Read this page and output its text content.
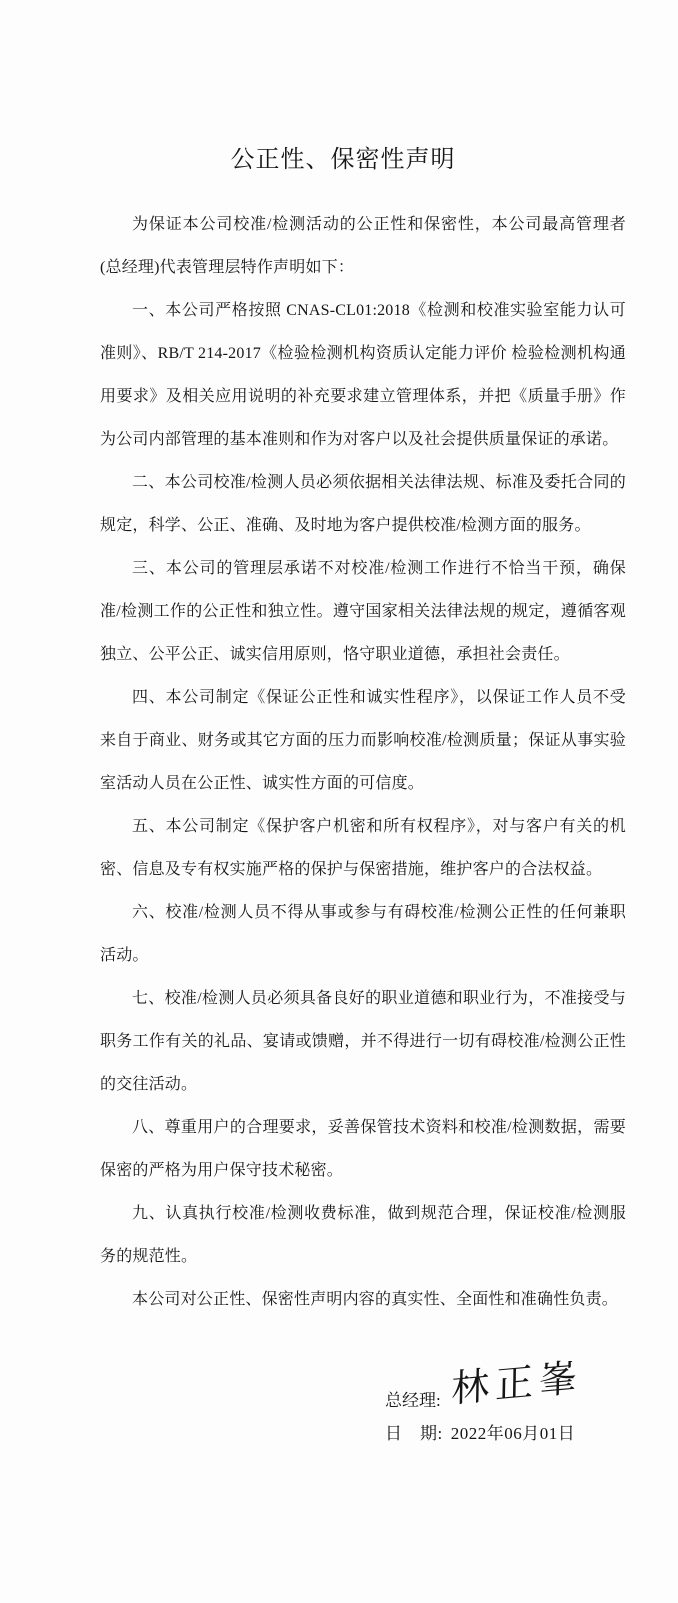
公正性、保密性声明

为保证本公司校准/检测活动的公正性和保密性，本公司最高管理者(总经理)代表管理层特作声明如下：

一、本公司严格按照 CNAS-CL01:2018《检测和校准实验室能力认可准则》、RB/T 214-2017《检验检测机构资质认定能力评价 检验检测机构通用要求》及相关应用说明的补充要求建立管理体系，并把《质量手册》作为公司内部管理的基本准则和作为对客户以及社会提供质量保证的承诺。

二、本公司校准/检测人员必须依据相关法律法规、标准及委托合同的规定，科学、公正、准确、及时地为客户提供校准/检测方面的服务。

三、本公司的管理层承诺不对校准/检测工作进行不恰当干预，确保准/检测工作的公正性和独立性。遵守国家相关法律法规的规定，遵循客观独立、公平公正、诚实信用原则，恪守职业道德，承担社会责任。

四、本公司制定《保证公正性和诚实性程序》，以保证工作人员不受来自于商业、财务或其它方面的压力而影响校准/检测质量；保证从事实验室活动人员在公正性、诚实性方面的可信度。

五、本公司制定《保护客户机密和所有权程序》，对与客户有关的机密、信息及专有权实施严格的保护与保密措施，维护客户的合法权益。

六、校准/检测人员不得从事或参与有碍校准/检测公正性的任何兼职活动。

七、校准/检测人员必须具备良好的职业道德和职业行为，不准接受与职务工作有关的礼品、宴请或馈赠，并不得进行一切有碍校准/检测公正性的交往活动。

八、尊重用户的合理要求，妥善保管技术资料和校准/检测数据，需要保密的严格为用户保守技术秘密。

九、认真执行校准/检测收费标准，做到规范合理，保证校准/检测服务的规范性。

本公司对公正性、保密性声明内容的真实性、全面性和准确性负责。

总经理: 林正峯
日　期: 2022年06月01日
